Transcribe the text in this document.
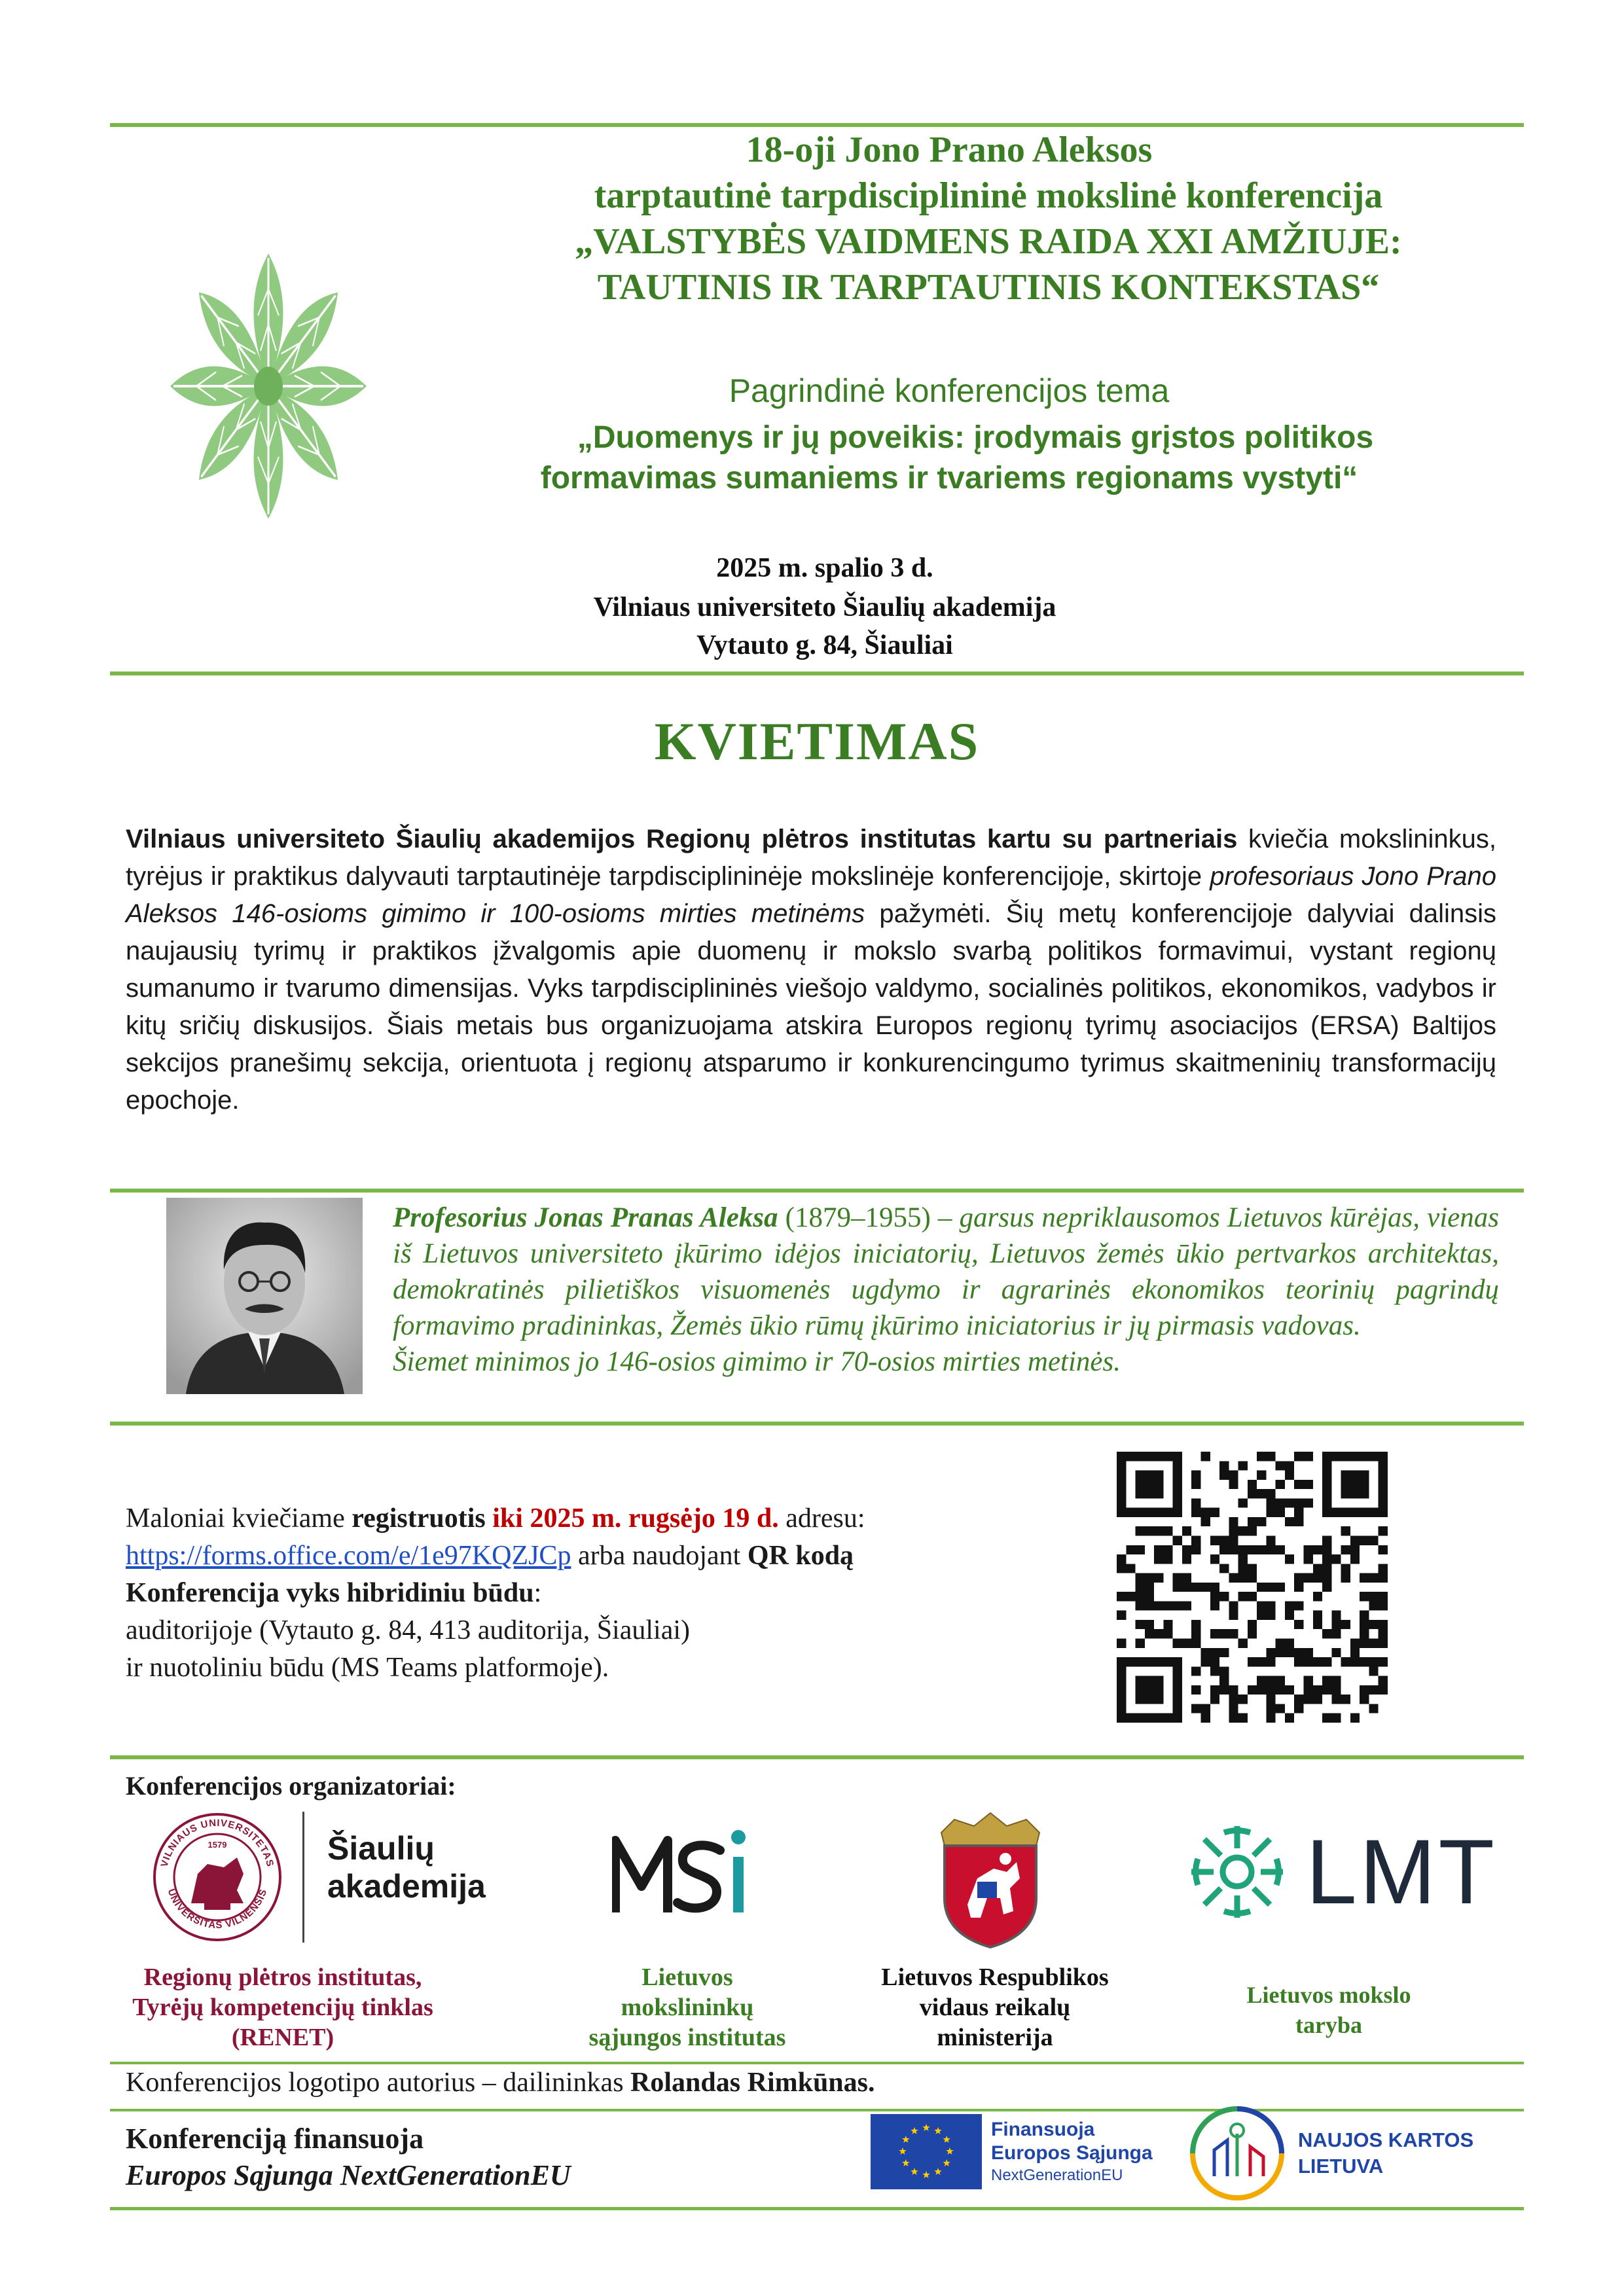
18-oji Jono Prano Aleksos
tarptautinė tarpdisciplininė mokslinė konferencija
„VALSTYBĖS VAIDMENS RAIDA XXI AMŽIUJE:
TAUTINIS IR TARPTAUTINIS KONTEKSTAS“
Pagrindinė konferencijos tema
„Duomenys ir jų poveikis: įrodymais grįstos politikos
formavimas sumaniems ir tvariems regionams vystyti“
2025 m. spalio 3 d.
Vilniaus universiteto Šiaulių akademija
Vytauto g. 84, Šiauliai
KVIETIMAS
Vilniaus universiteto Šiaulių akademijos Regionų plėtros institutas kartu su partneriais kviečia mokslininkus, tyrėjus ir praktikus dalyvauti tarptautinėje tarpdisciplininėje mokslinėje konferencijoje, skirtoje profesoriaus Jono Prano Aleksos 146-osioms gimimo ir 100-osioms mirties metinėms pažymėti. Šių metų konferencijoje dalyviai dalinsis naujausių tyrimų ir praktikos įžvalgomis apie duomenų ir mokslo svarbą politikos formavimui, vystant regionų sumanumo ir tvarumo dimensijas. Vyks tarpdisciplininės viešojo valdymo, socialinės politikos, ekonomikos, vadybos ir kitų sričių diskusijos. Šiais metais bus organizuojama atskira Europos regionų tyrimų asociacijos (ERSA) Baltijos sekcijos pranešimų sekcija, orientuota į regionų atsparumo ir konkurencingumo tyrimus skaitmeninių transformacijų epochoje.
Profesorius Jonas Pranas Aleksa (1879–1955) – garsus nepriklausomos Lietuvos kūrėjas, vienas iš Lietuvos universiteto įkūrimo idėjos iniciatorių, Lietuvos žemės ūkio pertvarkos architektas, demokratinės pilietiškos visuomenės ugdymo ir agrarinės ekonomikos teorinių pagrindų formavimo pradininkas, Žemės ūkio rūmų įkūrimo iniciatorius ir jų pirmasis vadovas.
Šiemet minimos jo 146-osios gimimo ir 70-osios mirties metinės.
Maloniai kviečiame registruotis iki 2025 m. rugsėjo 19 d. adresu:
https://forms.office.com/e/1e97KQZJCp arba naudojant QR kodą
Konferencija vyks hibridiniu būdu:
auditorijoje (Vytauto g. 84, 413 auditorija, Šiauliai)
ir nuotoliniu būdu (MS Teams platformoje).
Konferencijos organizatoriai:
VILNIAUS UNIVERSITETAS
UNIVERSITAS VILNENSIS
1579	Šiaulių
akademija	LMT
Regionų plėtros institutas,
Tyrėjų kompetencijų tinklas
(RENET)
Lietuvos
mokslininkų
sąjungos institutas
Lietuvos Respublikos
vidaus reikalų
ministerija
Lietuvos mokslo
taryba
Konferencijos logotipo autorius – dailininkas Rolandas Rimkūnas.
Konferenciją finansuoja
Europos Sąjunga NextGenerationEU
Finansuoja
Europos Sąjunga
NextGenerationEU
NAUJOS KARTOS
LIETUVA
